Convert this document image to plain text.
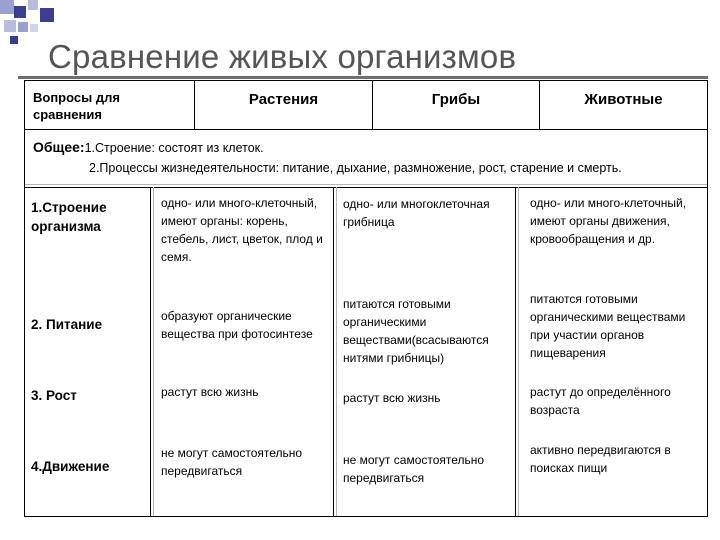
Сравнение живых организмов
Вопросы для сравнения
Растения	Грибы	Животные
Общее:1.Строение: состоят из клеток.
2.Процессы жизнедеятельности: питание, дыхание, размножение, рост, старение и смерть.
1.Строение организма
2. Питание
3. Рост
4.Движение
одно- или много-клеточный, имеют органы: корень, стебель, лист, цветок, плод и семя.
образуют органические вещества при фотосинтезе
растут всю жизнь
не могут самостоятельно передвигаться
одно- или многоклеточная грибница
питаются готовыми органическими веществами(всасываются нитями грибницы)
растут всю жизнь
не могут самостоятельно передвигаться
одно- или много-клеточный, имеют органы движения, кровообращения и др.
питаются готовыми органическими веществами при участии органов пищеварения
растут до определённого возраста
активно передвигаются в поисках пищи
